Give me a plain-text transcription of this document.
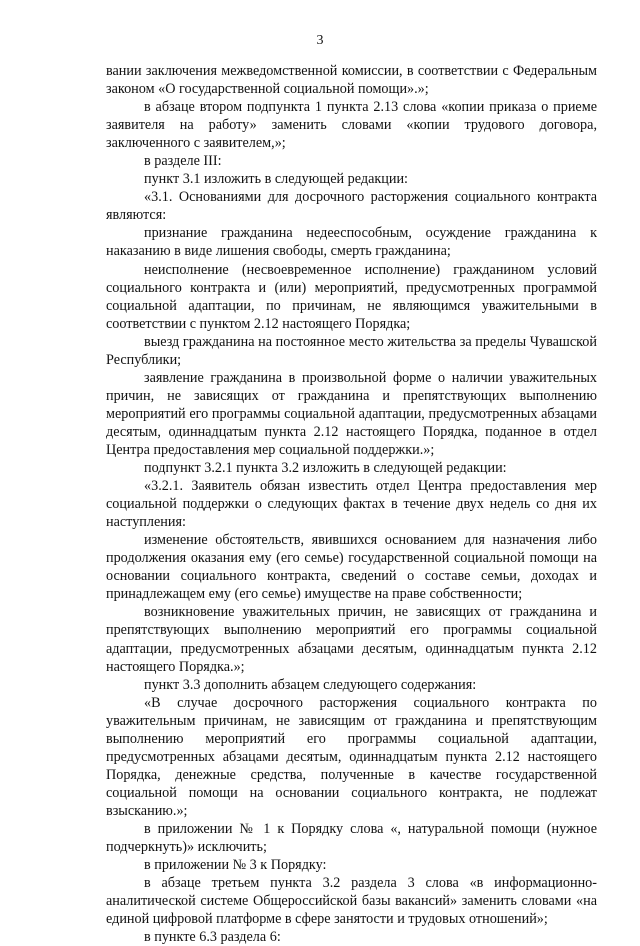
3

вании заключения межведомственной комиссии, в соответствии с Федеральным законом «О государственной социальной помощи».»;

в абзаце втором подпункта 1 пункта 2.13 слова «копии приказа о приеме заявителя на работу» заменить словами «копии трудового договора, заключенного с заявителем,»;

в разделе III:

пункт 3.1 изложить в следующей редакции:

«3.1. Основаниями для досрочного расторжения социального контракта являются:

признание гражданина недееспособным, осуждение гражданина к наказанию в виде лишения свободы, смерть гражданина;

неисполнение (несвоевременное исполнение) гражданином условий социального контракта и (или) мероприятий, предусмотренных программой социальной адаптации, по причинам, не являющимся уважительными в соответствии с пунктом 2.12 настоящего Порядка;

выезд гражданина на постоянное место жительства за пределы Чувашской Республики;

заявление гражданина в произвольной форме о наличии уважительных причин, не зависящих от гражданина и препятствующих выполнению мероприятий его программы социальной адаптации, предусмотренных абзацами десятым, одиннадцатым пункта 2.12 настоящего Порядка, поданное в отдел Центра предоставления мер социальной поддержки.»;

подпункт 3.2.1 пункта 3.2 изложить в следующей редакции:

«3.2.1. Заявитель обязан известить отдел Центра предоставления мер социальной поддержки о следующих фактах в течение двух недель со дня их наступления:

изменение обстоятельств, явившихся основанием для назначения либо продолжения оказания ему (его семье) государственной социальной помощи на основании социального контракта, сведений о составе семьи, доходах и принадлежащем ему (его семье) имуществе на праве собственности;

возникновение уважительных причин, не зависящих от гражданина и препятствующих выполнению мероприятий его программы социальной адаптации, предусмотренных абзацами десятым, одиннадцатым пункта 2.12 настоящего Порядка.»;

пункт 3.3 дополнить абзацем следующего содержания:

«В случае досрочного расторжения социального контракта по уважительным причинам, не зависящим от гражданина и препятствующим выполнению мероприятий его программы социальной адаптации, предусмотренных абзацами десятым, одиннадцатым пункта 2.12 настоящего Порядка, денежные средства, полученные в качестве государственной социальной помощи на основании социального контракта, не подлежат взысканию.»;

в приложении № 1 к Порядку слова «, натуральной помощи (нужное подчеркнуть)» исключить;

в приложении № 3 к Порядку:

в абзаце третьем пункта 3.2 раздела 3 слова «в информационно-аналитической системе Общероссийской базы вакансий» заменить словами «на единой цифровой платформе в сфере занятости и трудовых отношений»;

в пункте 6.3 раздела 6:
